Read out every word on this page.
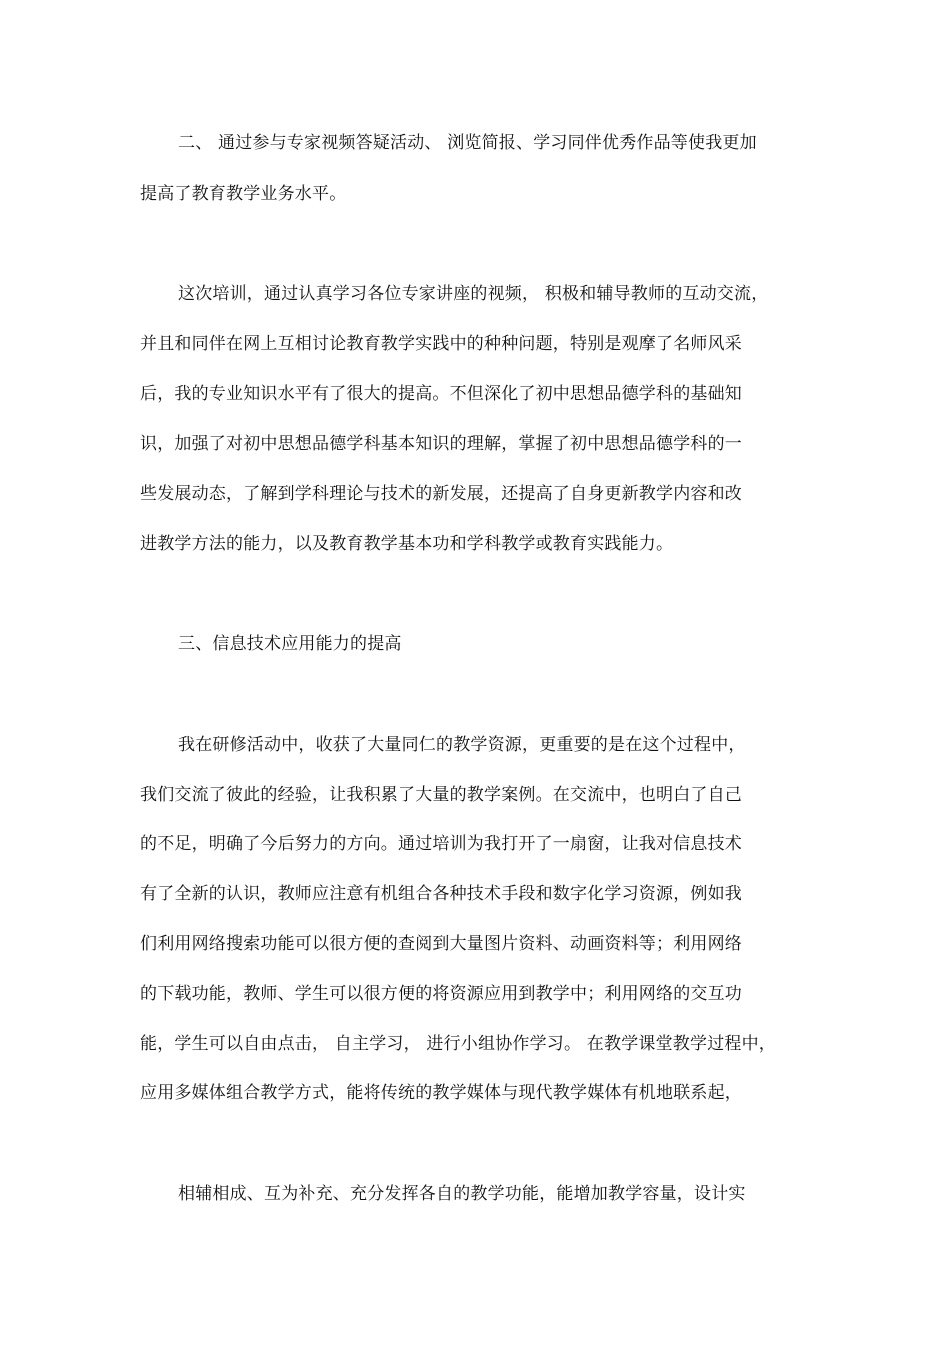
二、 通过参与专家视频答疑活动、 浏览简报、学习同伴优秀作品等使我更加
提高了教育教学业务水平。
这次培训，通过认真学习各位专家讲座的视频， 积极和辅导教师的互动交流，
并且和同伴在网上互相讨论教育教学实践中的种种问题，特别是观摩了名师风采
后，我的专业知识水平有了很大的提高。不但深化了初中思想品德学科的基础知
识，加强了对初中思想品德学科基本知识的理解，掌握了初中思想品德学科的一
些发展动态，了解到学科理论与技术的新发展，还提高了自身更新教学内容和改
进教学方法的能力，以及教育教学基本功和学科教学或教育实践能力。
三、信息技术应用能力的提高
我在研修活动中，收获了大量同仁的教学资源，更重要的是在这个过程中，
我们交流了彼此的经验，让我积累了大量的教学案例。在交流中，也明白了自己
的不足，明确了今后努力的方向。通过培训为我打开了一扇窗，让我对信息技术
有了全新的认识，教师应注意有机组合各种技术手段和数字化学习资源，例如我
们利用网络搜索功能可以很方便的查阅到大量图片资料、动画资料等；利用网络
的下载功能，教师、学生可以很方便的将资源应用到教学中；利用网络的交互功
能，学生可以自由点击， 自主学习， 进行小组协作学习。 在教学课堂教学过程中，
应用多媒体组合教学方式，能将传统的教学媒体与现代教学媒体有机地联系起，
相辅相成、互为补充、充分发挥各自的教学功能，能增加教学容量，设计实
